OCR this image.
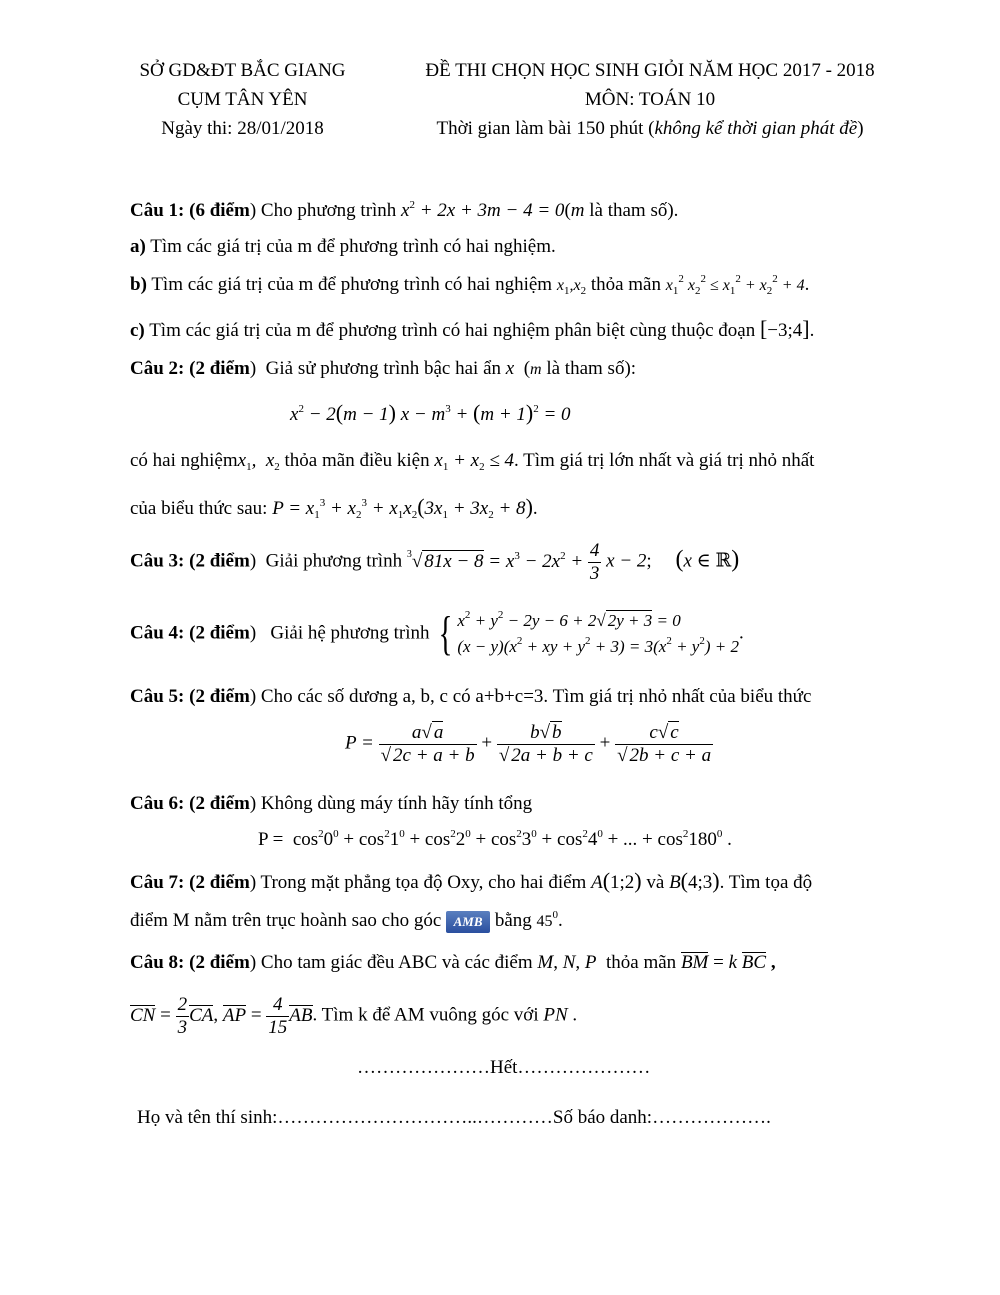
SỞ GD&ĐT BẮC GIANG
CỤM TÂN YÊN
Ngày thi: 28/01/2018
ĐỀ THI CHỌN HỌC SINH GIỎI NĂM HỌC 2017 - 2018
MÔN: TOÁN 10
Thời gian làm bài 150 phút (không kể thời gian phát đề)
Câu 1: (6 điểm) Cho phương trình $x^2 + 2x + 3m - 4 = 0(m$ là tham số).
a) Tìm các giá trị của m để phương trình có hai nghiệm.
b) Tìm các giá trị của m để phương trình có hai nghiệm $x_1,x_2$ thỏa mãn $x_1^2$ $x_2^2 \le x_1^2 + x_2^2 + 4$.
c) Tìm các giá trị của m để phương trình có hai nghiệm phân biệt cùng thuộc đoạn [−3;4].
Câu 2: (2 điểm)  Giả sử phương trình bậc hai ẩn x  (m là tham số):
$x^2 - 2(m - 1) x - m^3 + (m + 1)^2 = 0$
có hai nghiệmx$_1$,  $x_2$ thỏa mãn điều kiện $x_1 + x_2 \le 4$. Tìm giá trị lớn nhất và giá trị nhỏ nhất
của biểu thức sau: $P = x_1^3 + x_2^3 + x_1x_2(3x_1 + 3x_2 + 8)$.
Câu 3: (2 điểm)  Giải phương trình $^3$√ $81x - 8 = x^3 - 2x^2 + \frac{4}{3}$ x − 2;     (x ∈ ℝ)
Câu 4: (2 điểm)   Giải hệ phương trình {$x^2 + y^2 - 2y - 6 + 2√$ 2y + 3 = 0
$(x - y)(x^2$ + xy + $y^2 + 3) = 3(x^2 + y^2) + 2$.
Câu 5: (2 điểm) Cho các số dương a, b, c có a+b+c=3. Tìm giá trị nhỏ nhất của biểu thức
$P = \frac{a√ a}{√ 2c + a + b} + \frac{b√ b}{√ 2a + b + c} + \frac{c√ c}{√ 2b + c + a}$
Câu 6: (2 điểm) Không dùng máy tính hãy tính tổng
$P = \cos^20^0 + \cos^21^0 + \cos^22^0 + \cos^23^0 + \cos^24^0$ + ... + $\cos^2180^0$ .
Câu 7: (2 điểm) Trong mặt phẳng tọa độ Oxy, cho hai điểm A(1;2) và B(4;3). Tìm tọa độ
điểm M nằm trên trục hoành sao cho góc AMB bằng $45^0$.
Câu 8: (2 điểm) Cho tam giác đều ABC và các điểm M, N, P thỏa mãn BM = k BC ,
CN = $\frac{2}{3}$ CA, AP = $\frac{4}{15}$ AB. Tìm k để AM vuông góc với PN .
…………………Hết…………………
Họ và tên thí sinh:…………………………..…………Số báo danh:……………….
